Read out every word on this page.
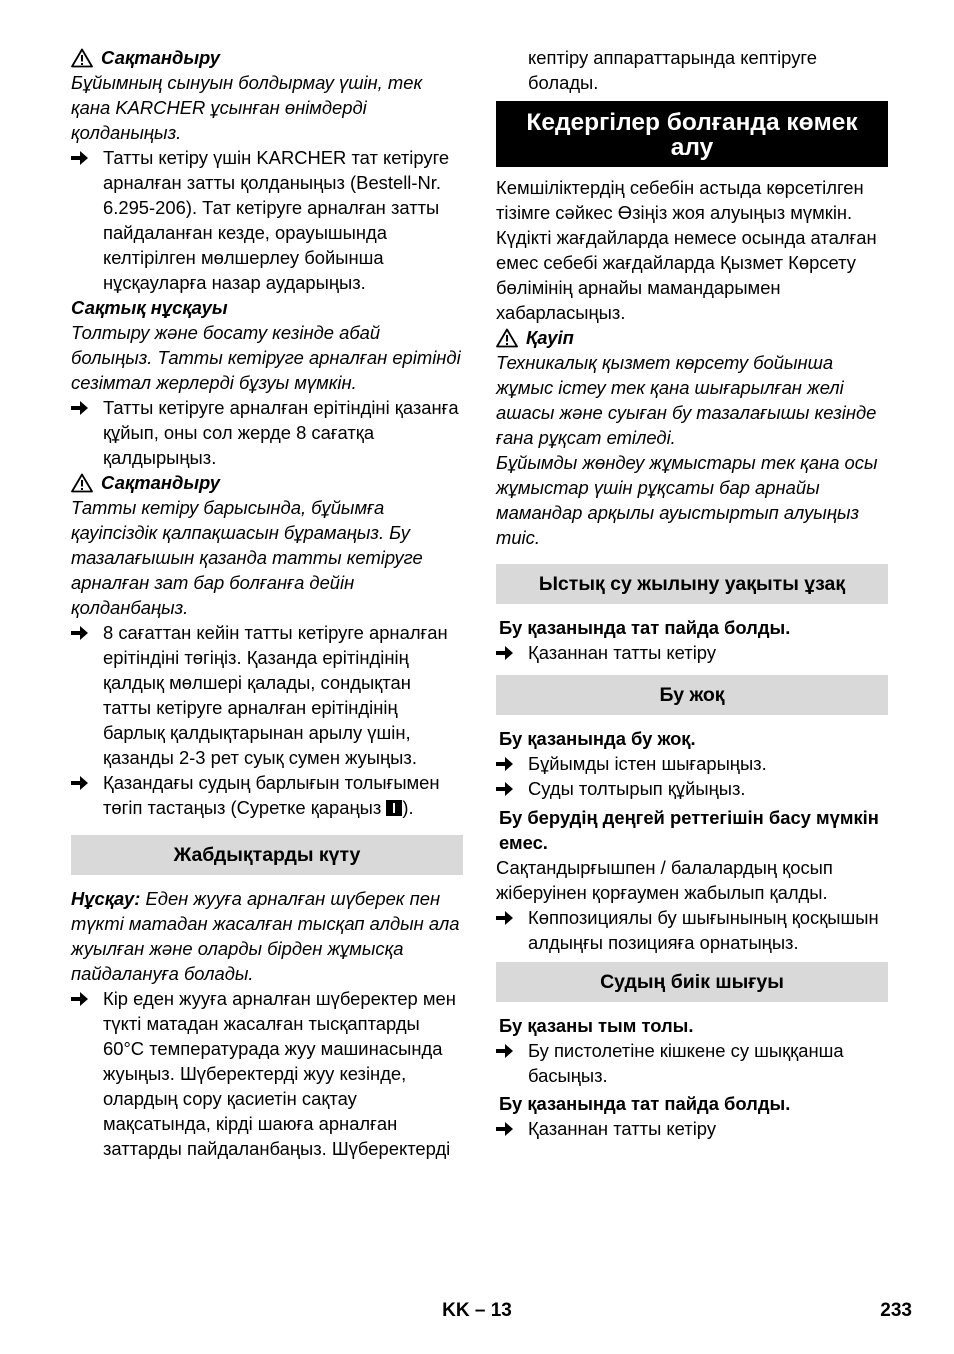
Сақтандыру

Бұйымның сынуын болдырмау үшін, тек қана KARCHER ұсынған өнімдерді қолданыңыз.

Татты кетіру үшін KARCHER тат кетіруге арналған затты қолданыңыз (Bestell-Nr. 6.295-206). Тат кетіруге арналған затты пайдаланған кезде, орауышында келтірілген мөлшерлеу бойынша нұсқауларға назар аударыңыз.

Сақтық нұсқауы

Толтыру және босату кезінде абай болыңыз. Татты кетіруге арналған ерітінді сезімтал жерлерді бұзуы мүмкін.

Татты кетіруге арналған ерітіндіні қазанға құйып, оны сол жерде 8 сағатқа қалдырыңыз.
Сақтандыру

Татты кетіру барысында, бұйымға қауіпсіздік қалпақшасын бұрамаңыз. Бу тазалағышын қазанда татты кетіруге арналған зат бар болғанға дейін қолданбаңыз.

8 сағаттан кейін татты кетіруге арналған ерітіндіні төгіңіз. Қазанда ерітіндінің қалдық мөлшері қалады, сондықтан татты кетіруге арналған ерітіндінің барлық қалдықтарынан арылу үшін, қазанды 2-3 рет суық сумен жуыңыз.
Қазандағы судың барлығын толығымен төгіп тастаңыз (Суретке қараңыз ).
Жабдықтарды күту

Нұсқау: Еден жууға арналған шүберек пен түкті матадан жасалған тысқап алдын ала жуылған және оларды бірден жұмысқа пайдалануға болады.

Кір еден жууға арналған шүберектер мен түкті матадан жасалған тысқаптарды 60°C температурада жуу машинасында жуыңыз. Шүберектерді жуу кезінде, олардың сору қасиетін сақтау мақсатында, кірді шаюға арналған заттарды пайдаланбаңыз. Шүберектерді

кептіру аппараттарында кептіруге болады.

Кедергілер болғанда көмек алу

Кемшіліктердің себебін астыда көрсетілген тізімге сәйкес Өзіңіз жоя алуыңыз мүмкін. Күдікті жағдайларда немесе осында аталған емес себебі жағдайларда Қызмет Көрсету бөлімінің арнайы мамандарымен хабарласыңыз.

Қауіп

Техникалық қызмет көрсету бойынша жұмыс істеу тек қана шығарылған желі ашасы және суыған бу тазалағышы кезінде ғана рұқсат етіледі.

Бұйымды жөндеу жұмыстары тек қана осы жұмыстар үшін рұқсаты бар арнайы мамандар арқылы ауыстыртып алуыңыз тиіс.

Ыстық су жылыну уақыты ұзақ

Бу қазанында тат пайда болды.

Қазаннан татты кетіру
Бу жоқ

Бу қазанында бу жоқ.

Бұйымды істен шығарыңыз.
Суды толтырып құйыңыз.

Бу берудің деңгей реттегішін басу мүмкін емес.

Сақтандырғышпен / балалардың қосып жіберуінен қорғаумен жабылып қалды.

Көппозициялы бу шығынының қосқышын алдыңғы позицияға орнатыңыз.
Судың биік шығуы

Бу қазаны тым толы.

Бу пистолетіне кішкене су шыққанша басыңыз.

Бу қазанында тат пайда болды.

Қазаннан татты кетіру
KK – 13	233
